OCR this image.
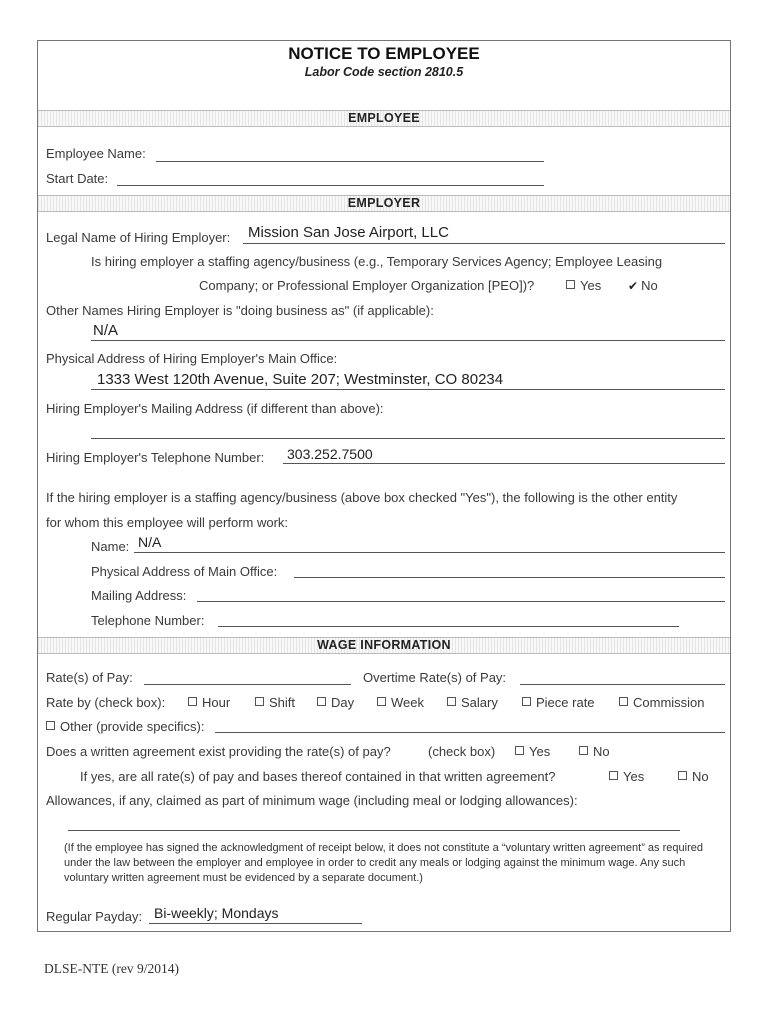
NOTICE TO EMPLOYEE
Labor Code section 2810.5
EMPLOYEE
Employee Name:
Start Date:
EMPLOYER
Legal Name of Hiring Employer: Mission San Jose Airport, LLC
Is hiring employer a staffing agency/business (e.g., Temporary Services Agency; Employee Leasing
Company; or Professional Employer Organization [PEO])?	Yes ✔ No
Other Names Hiring Employer is "doing business as" (if applicable):
N/A
Physical Address of Hiring Employer's Main Office:
1333 West 120th Avenue, Suite 207; Westminster, CO 80234
Hiring Employer's Mailing Address (if different than above):
Hiring Employer's Telephone Number: 303.252.7500
If the hiring employer is a staffing agency/business (above box checked "Yes"), the following is the other entity
for whom this employee will perform work:
Name: N/A
Physical Address of Main Office:
Mailing Address:
Telephone Number:
WAGE INFORMATION
Rate(s) of Pay:	Overtime Rate(s) of Pay:
Rate by (check box):	Hour	Shift	Day	Week	Salary	Piece rate	Commission
Other (provide specifics):
Does a written agreement exist providing the rate(s) of pay?	(check box)	Yes	No
If yes, are all rate(s) of pay and bases thereof contained in that written agreement?	Yes	No
Allowances, if any, claimed as part of minimum wage (including meal or lodging allowances):
(If the employee has signed the acknowledgment of receipt below, it does not constitute a “voluntary written agreement” as required under the law between the employer and employee in order to credit any meals or lodging against the minimum wage. Any such voluntary written agreement must be evidenced by a separate document.)
Regular Payday: Bi-weekly; Mondays
DLSE-NTE (rev 9/2014)
